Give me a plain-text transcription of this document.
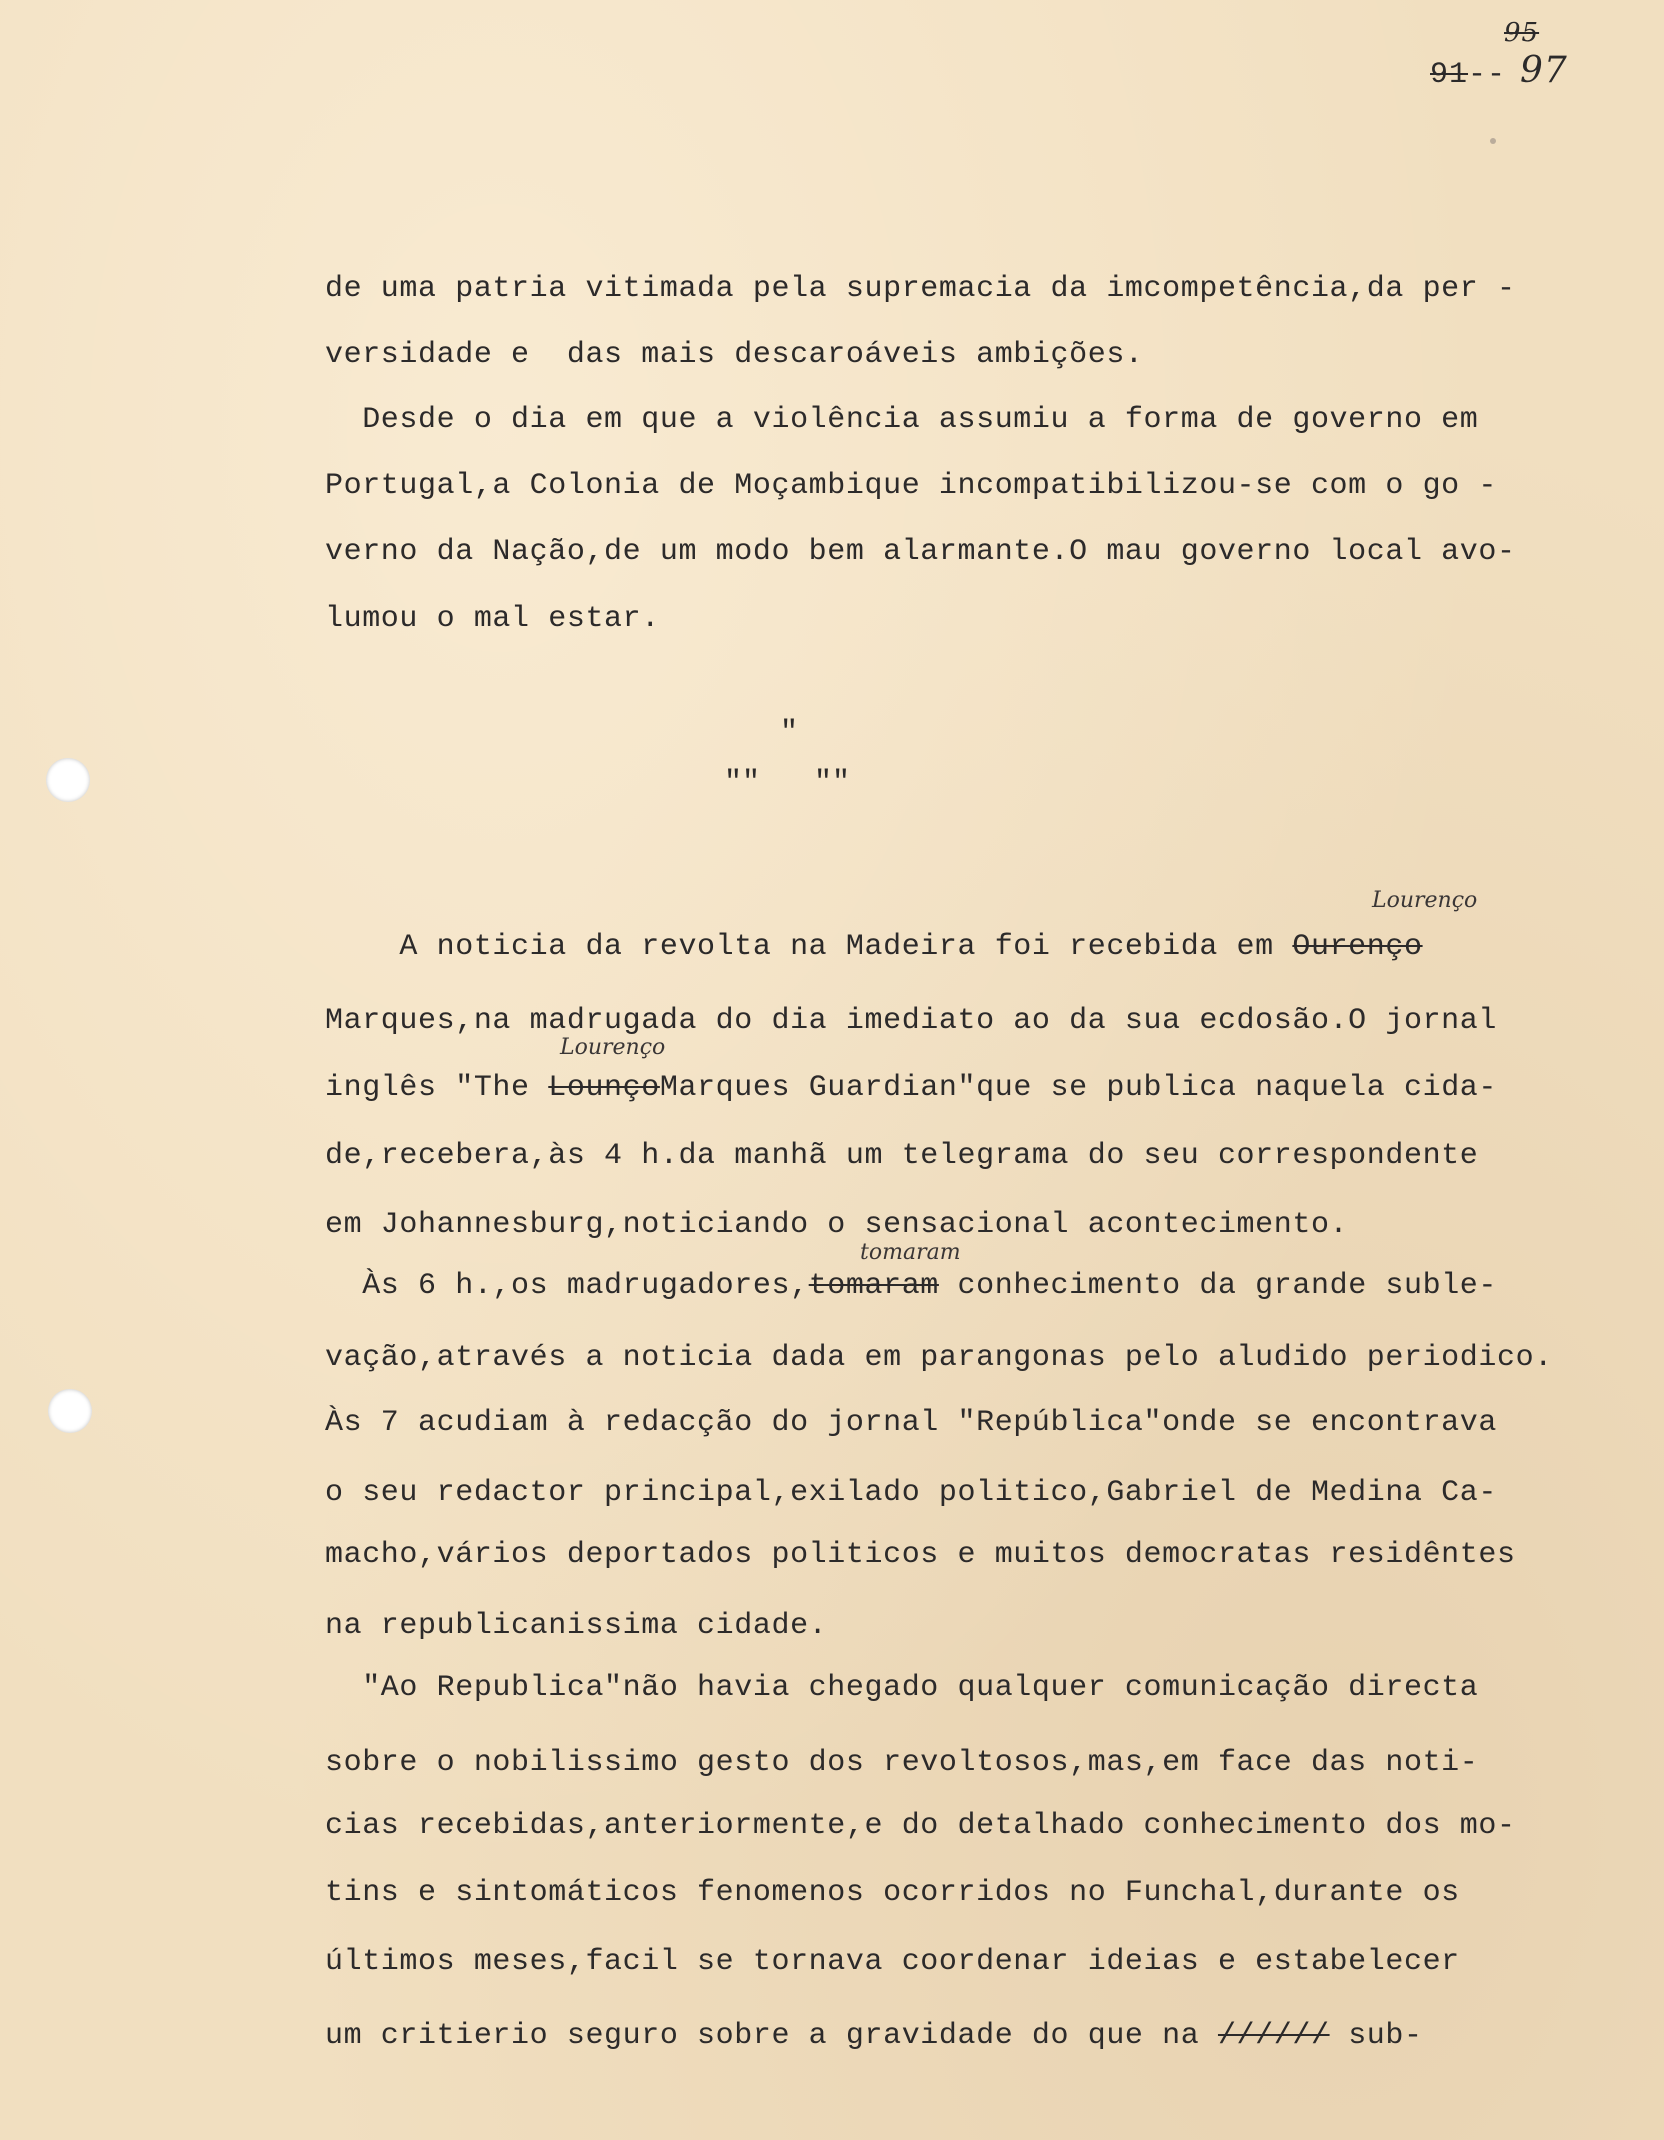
91-- 97
95
de uma patria vitimada pela supremacia da imcompetência,da per -
versidade e  das mais descaroáveis ambições.
Desde o dia em que a violência assumiu a forma de governo em
Portugal,a Colonia de Moçambique incompatibilizou-se com o go -
verno da Nação,de um modo bem alarmante.O mau governo local avo-
lumou o mal estar.
"
""   ""
Lourenço
A noticia da revolta na Madeira foi recebida em Ourenço
Marques,na madrugada do dia imediato ao da sua ecdosão.O jornal
Lourenço
inglês "The LounçoMarques Guardian"que se publica naquela cida-
de,recebera,às 4 h.da manhã um telegrama do seu correspondente
em Johannesburg,noticiando o sensacional acontecimento.
tomaram
Às 6 h.,os madrugadores,tomaram conhecimento da grande suble-
vação,através a noticia dada em parangonas pelo aludido periodico.
Às 7 acudiam à redacção do jornal "República"onde se encontrava
o seu redactor principal,exilado politico,Gabriel de Medina Ca-
macho,vários deportados politicos e muitos democratas residêntes
na republicanissima cidade.
"Ao Republica"não havia chegado qualquer comunicação directa
sobre o nobilissimo gesto dos revoltosos,mas,em face das noti-
cias recebidas,anteriormente,e do detalhado conhecimento dos mo-
tins e sintomáticos fenomenos ocorridos no Funchal,durante os
últimos meses,facil se tornava coordenar ideias e estabelecer
um critierio seguro sobre a gravidade do que na ////// sub-
